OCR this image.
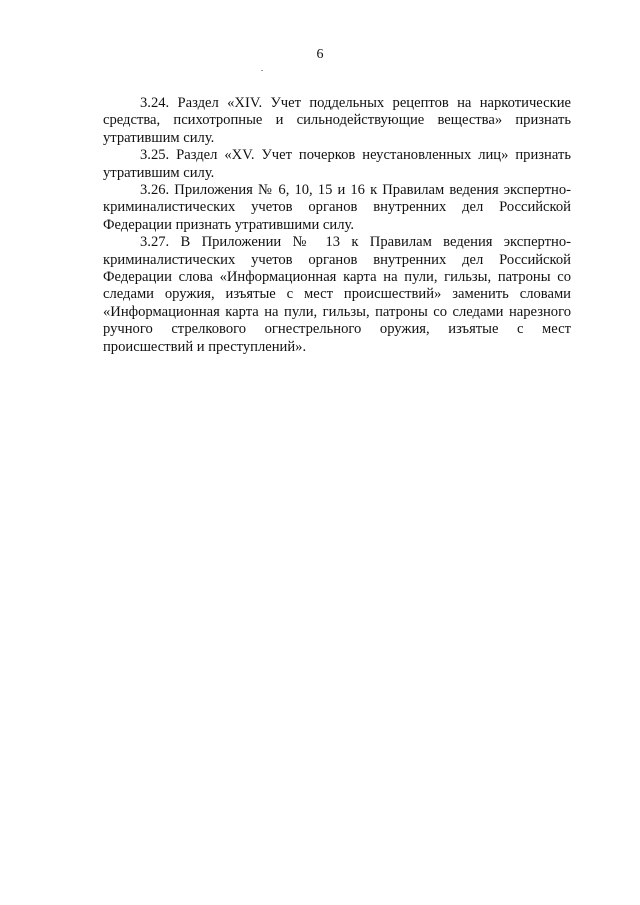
6

3.24. Раздел «XIV. Учет поддельных рецептов на наркотические средства, психотропные и сильнодействующие вещества» признать утратившим силу.

3.25. Раздел «XV. Учет почерков неустановленных лиц» признать утратившим силу.

3.26. Приложения № 6, 10, 15 и 16 к Правилам ведения экспертно-криминалистических учетов органов внутренних дел Российской Федерации признать утратившими силу.

3.27. В Приложении № 13 к Правилам ведения экспертно-криминалистических учетов органов внутренних дел Российской Федерации слова «Информационная карта на пули, гильзы, патроны со следами оружия, изъятые с мест происшествий» заменить словами «Информационная карта на пули, гильзы, патроны со следами нарезного ручного стрелкового огнестрельного оружия, изъятые с мест происшествий и преступлений».
